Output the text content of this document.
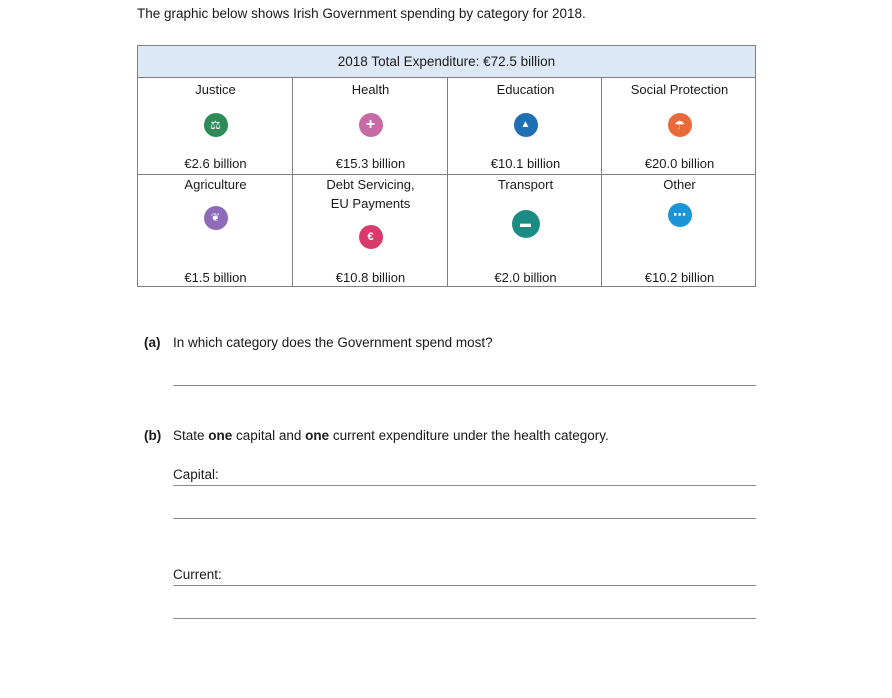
The graphic below shows Irish Government spending by category for 2018.
2018 Total Expenditure: €72.5 billion
Justice
⚖
€2.6 billion
Health
+
€15.3 billion
Education
▲
€10.1 billion
Social Protection
☂
€20.0 billion
Agriculture
❦
€1.5 billion
Debt Servicing,
EU Payments
€
€10.8 billion
Transport
▬
€2.0 billion
Other
⋯
€10.2 billion
(a) In which category does the Government spend most?
(b) State one capital and one current expenditure under the health category.
Capital:
Current:
